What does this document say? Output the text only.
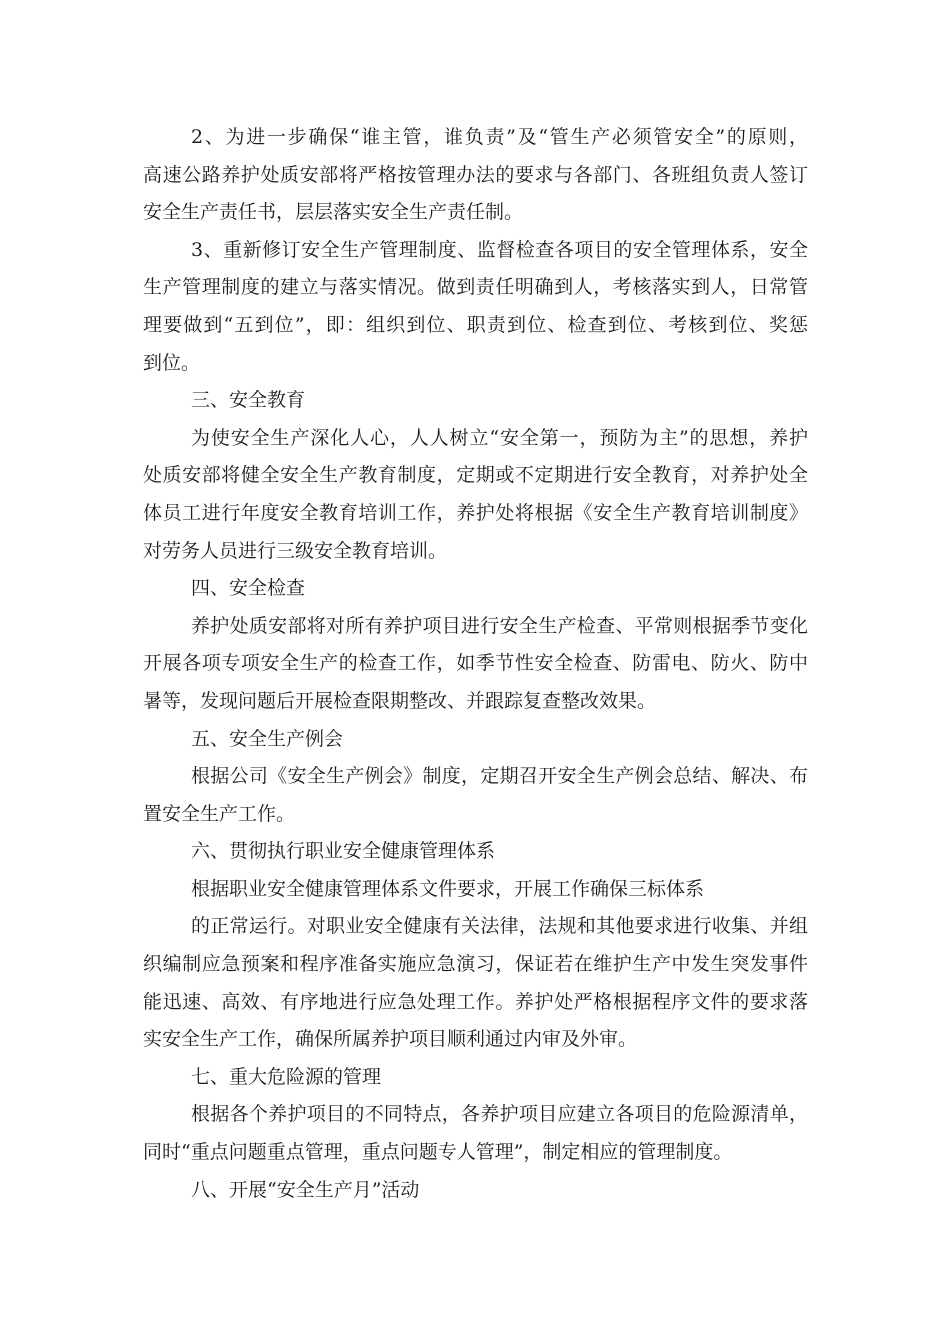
2、为进一步确保“谁主管，谁负责”及“管生产必须管安全”的原则，
高速公路养护处质安部将严格按管理办法的要求与各部门、各班组负责人签订
安全生产责任书，层层落实安全生产责任制。
3、重新修订安全生产管理制度、监督检查各项目的安全管理体系，安全
生产管理制度的建立与落实情况。做到责任明确到人，考核落实到人，日常管
理要做到“五到位”，即：组织到位、职责到位、检查到位、考核到位、奖惩
到位。
三、安全教育
为使安全生产深化人心，人人树立“安全第一，预防为主”的思想，养护
处质安部将健全安全生产教育制度，定期或不定期进行安全教育，对养护处全
体员工进行年度安全教育培训工作，养护处将根据《安全生产教育培训制度》
对劳务人员进行三级安全教育培训。
四、安全检查
养护处质安部将对所有养护项目进行安全生产检查、平常则根据季节变化
开展各项专项安全生产的检查工作，如季节性安全检查、防雷电、防火、防中
暑等，发现问题后开展检查限期整改、并跟踪复查整改效果。
五、安全生产例会
根据公司《安全生产例会》制度，定期召开安全生产例会总结、解决、布
置安全生产工作。
六、贯彻执行职业安全健康管理体系
根据职业安全健康管理体系文件要求，开展工作确保三标体系
的正常运行。对职业安全健康有关法律，法规和其他要求进行收集、并组
织编制应急预案和程序准备实施应急演习，保证若在维护生产中发生突发事件
能迅速、高效、有序地进行应急处理工作。养护处严格根据程序文件的要求落
实安全生产工作，确保所属养护项目顺利通过内审及外审。
七、重大危险源的管理
根据各个养护项目的不同特点，各养护项目应建立各项目的危险源清单，
同时“重点问题重点管理，重点问题专人管理”，制定相应的管理制度。
八、开展“安全生产月”活动
